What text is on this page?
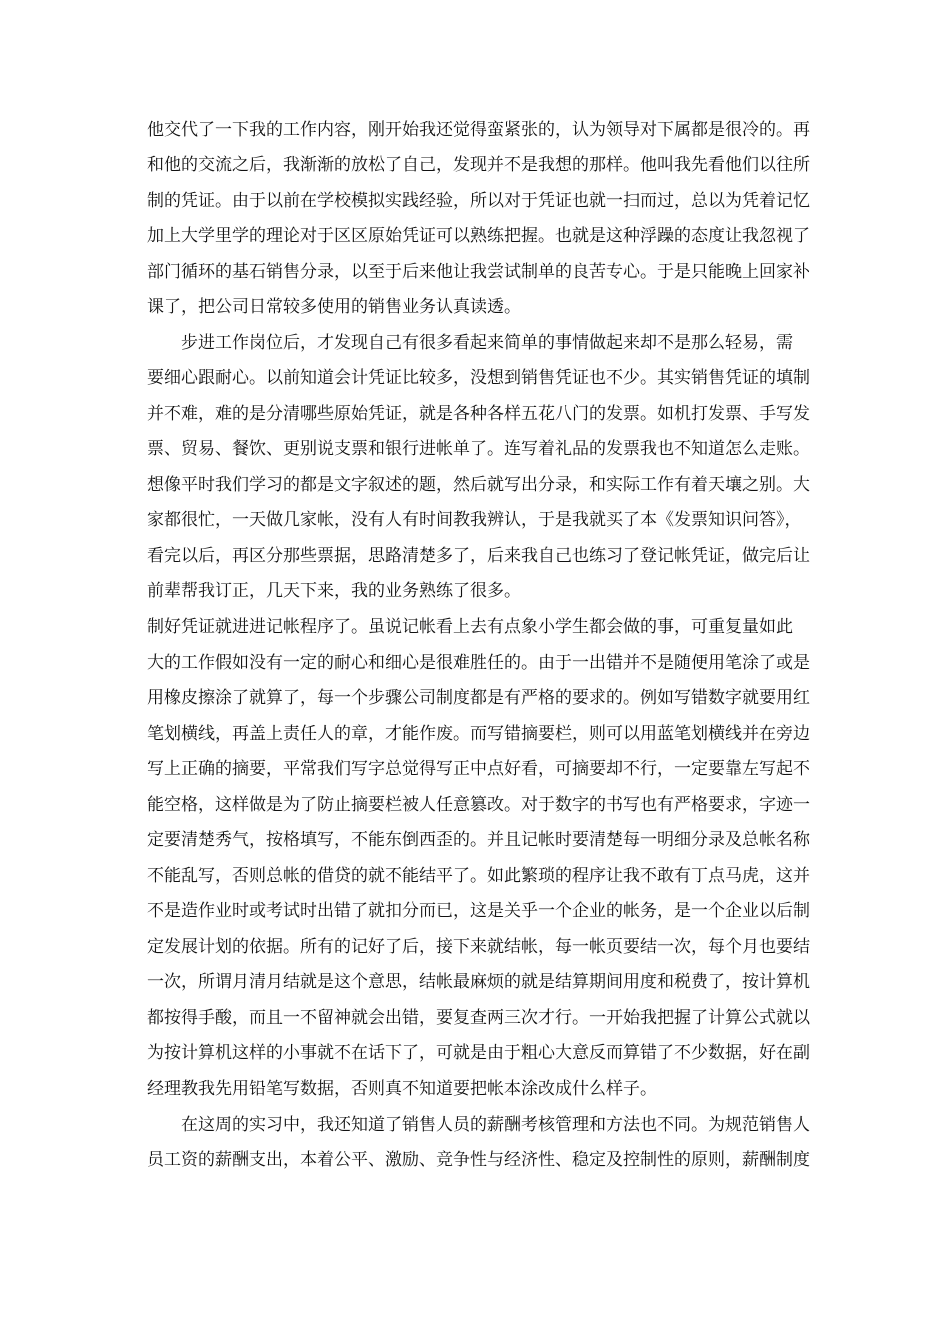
他交代了一下我的工作内容，刚开始我还觉得蛮紧张的，认为领导对下属都是很冷的。再

和他的交流之后，我渐渐的放松了自己，发现并不是我想的那样。他叫我先看他们以往所

制的凭证。由于以前在学校模拟实践经验，所以对于凭证也就一扫而过，总以为凭着记忆

加上大学里学的理论对于区区原始凭证可以熟练把握。也就是这种浮躁的态度让我忽视了

部门循环的基石销售分录，以至于后来他让我尝试制单的良苦专心。于是只能晚上回家补

课了，把公司日常较多使用的销售业务认真读透。

步进工作岗位后，才发现自己有很多看起来简单的事情做起来却不是那么轻易，需

要细心跟耐心。以前知道会计凭证比较多，没想到销售凭证也不少。其实销售凭证的填制

并不难，难的是分清哪些原始凭证，就是各种各样五花八门的发票。如机打发票、手写发

票、贸易、餐饮、更别说支票和银行进帐单了。连写着礼品的发票我也不知道怎么走账。

想像平时我们学习的都是文字叙述的题，然后就写出分录，和实际工作有着天壤之别。大

家都很忙，一天做几家帐，没有人有时间教我辨认，于是我就买了本《发票知识问答》，

看完以后，再区分那些票据，思路清楚多了，后来我自己也练习了登记帐凭证，做完后让

前辈帮我订正，几天下来，我的业务熟练了很多。

制好凭证就进进记帐程序了。虽说记帐看上去有点象小学生都会做的事，可重复量如此

大的工作假如没有一定的耐心和细心是很难胜任的。由于一出错并不是随便用笔涂了或是

用橡皮擦涂了就算了，每一个步骤公司制度都是有严格的要求的。例如写错数字就要用红

笔划横线，再盖上责任人的章，才能作废。而写错摘要栏，则可以用蓝笔划横线并在旁边

写上正确的摘要，平常我们写字总觉得写正中点好看，可摘要却不行，一定要靠左写起不

能空格，这样做是为了防止摘要栏被人任意篡改。对于数字的书写也有严格要求，字迹一

定要清楚秀气，按格填写，不能东倒西歪的。并且记帐时要清楚每一明细分录及总帐名称

不能乱写，否则总帐的借贷的就不能结平了。如此繁琐的程序让我不敢有丁点马虎，这并

不是造作业时或考试时出错了就扣分而已，这是关乎一个企业的帐务，是一个企业以后制

定发展计划的依据。所有的记好了后，接下来就结帐，每一帐页要结一次，每个月也要结

一次，所谓月清月结就是这个意思，结帐最麻烦的就是结算期间用度和税费了，按计算机

都按得手酸，而且一不留神就会出错，要复查两三次才行。一开始我把握了计算公式就以

为按计算机这样的小事就不在话下了，可就是由于粗心大意反而算错了不少数据，好在副

经理教我先用铅笔写数据，否则真不知道要把帐本涂改成什么样子。

在这周的实习中，我还知道了销售人员的薪酬考核管理和方法也不同。为规范销售人

员工资的薪酬支出，本着公平、激励、竞争性与经济性、稳定及控制性的原则，薪酬制度
